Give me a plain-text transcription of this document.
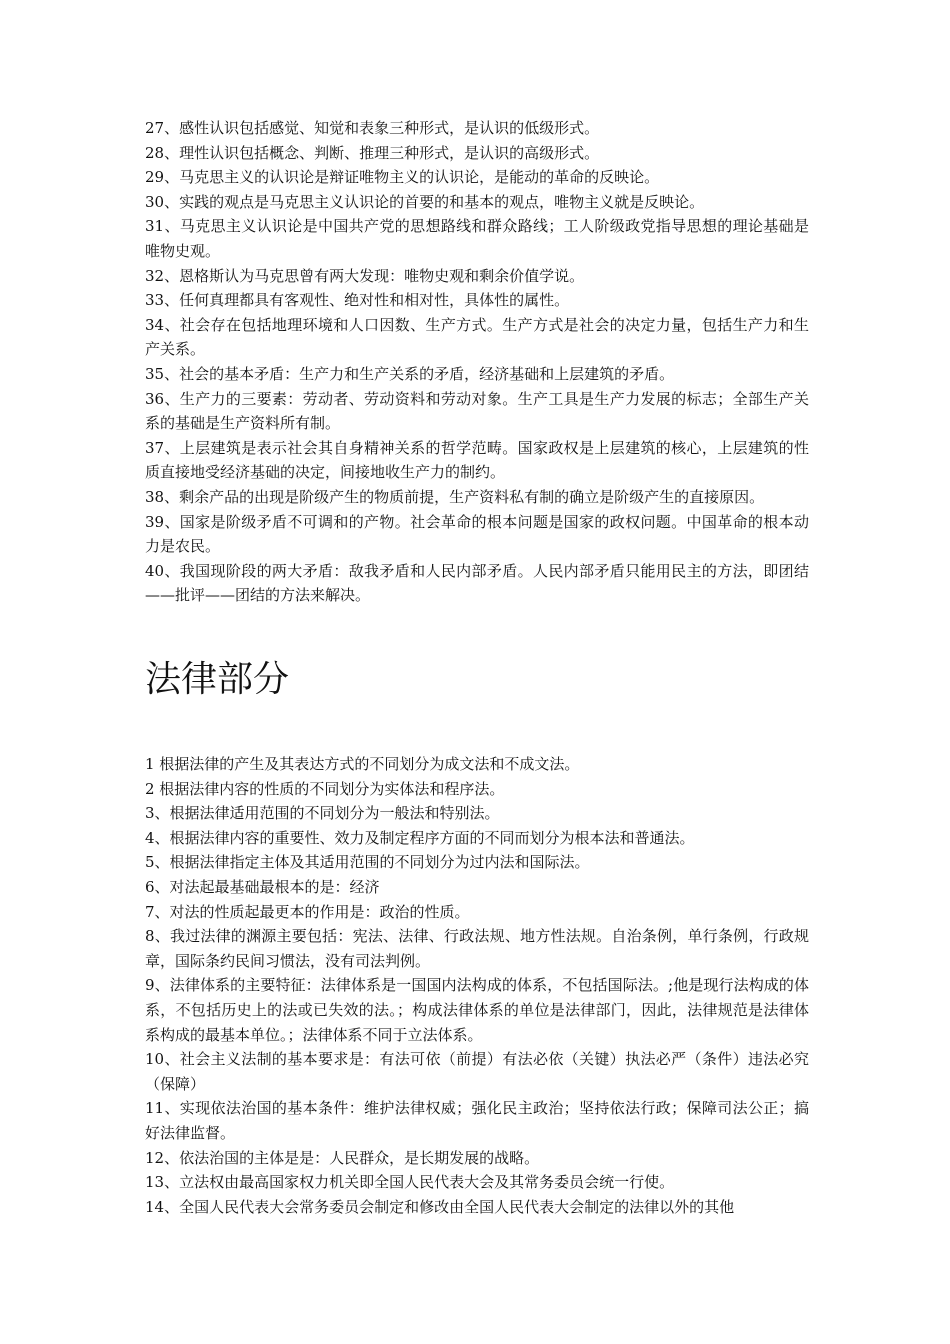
27、感性认识包括感觉、知觉和表象三种形式，是认识的低级形式。

28、理性认识包括概念、判断、推理三种形式，是认识的高级形式。

29、马克思主义的认识论是辩证唯物主义的认识论，是能动的革命的反映论。

30、实践的观点是马克思主义认识论的首要的和基本的观点，唯物主义就是反映论。

31、马克思主义认识论是中国共产党的思想路线和群众路线；工人阶级政党指导思想的理论基础是唯物史观。

32、恩格斯认为马克思曾有两大发现：唯物史观和剩余价值学说。

33、任何真理都具有客观性、绝对性和相对性，具体性的属性。

34、社会存在包括地理环境和人口因数、生产方式。生产方式是社会的决定力量，包括生产力和生产关系。

35、社会的基本矛盾：生产力和生产关系的矛盾，经济基础和上层建筑的矛盾。

36、生产力的三要素：劳动者、劳动资料和劳动对象。生产工具是生产力发展的标志；全部生产关系的基础是生产资料所有制。

37、上层建筑是表示社会其自身精神关系的哲学范畴。国家政权是上层建筑的核心，上层建筑的性质直接地受经济基础的决定，间接地收生产力的制约。

38、剩余产品的出现是阶级产生的物质前提，生产资料私有制的确立是阶级产生的直接原因。

39、国家是阶级矛盾不可调和的产物。社会革命的根本问题是国家的政权问题。中国革命的根本动力是农民。

40、我国现阶段的两大矛盾：敌我矛盾和人民内部矛盾。人民内部矛盾只能用民主的方法，即团结——批评——团结的方法来解决。

法律部分

1 根据法律的产生及其表达方式的不同划分为成文法和不成文法。

2 根据法律内容的性质的不同划分为实体法和程序法。

3、根据法律适用范围的不同划分为一般法和特别法。

4、根据法律内容的重要性、效力及制定程序方面的不同而划分为根本法和普通法。

5、根据法律指定主体及其适用范围的不同划分为过内法和国际法。

6、对法起最基础最根本的是：经济

7、对法的性质起最更本的作用是：政治的性质。

8、我过法律的渊源主要包括：宪法、法律、行政法规、地方性法规。自治条例，单行条例，行政规章，国际条约民间习惯法，没有司法判例。

9、法律体系的主要特征：法律体系是一国国内法构成的体系，不包括国际法。;他是现行法构成的体系，不包括历史上的法或已失效的法。；构成法律体系的单位是法律部门，因此，法律规范是法律体系构成的最基本单位。；法律体系不同于立法体系。

10、社会主义法制的基本要求是：有法可依（前提）有法必依（关键）执法必严（条件）违法必究（保障）

11、实现依法治国的基本条件：维护法律权威；强化民主政治；坚持依法行政；保障司法公正；搞好法律监督。

12、依法治国的主体是是：人民群众，是长期发展的战略。

13、立法权由最高国家权力机关即全国人民代表大会及其常务委员会统一行使。

14、全国人民代表大会常务委员会制定和修改由全国人民代表大会制定的法律以外的其他
